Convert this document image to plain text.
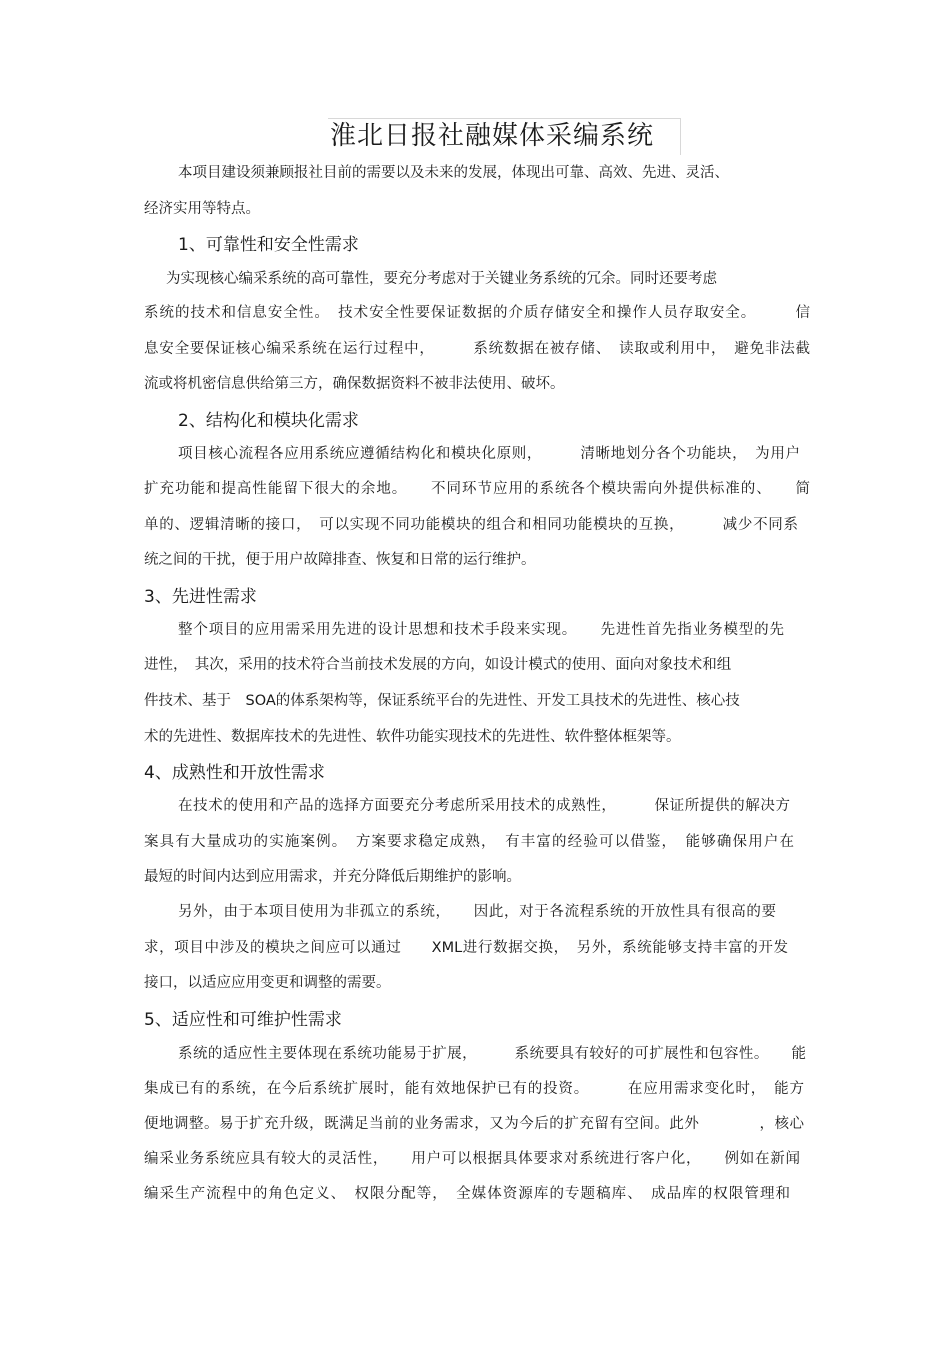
淮北日报社融媒体采编系统

本项目建设须兼顾报社目前的需要以及未来的发展，体现出可靠、高效、先进、灵活、

经济实用等特点。

1、可靠性和安全性需求

为实现核心编采系统的高可靠性，要充分考虑对于关键业务系统的冗余。同时还要考虑

系统的技术和信息安全性。　技术安全性要保证数据的介质存储安全和操作人员存取安全。　　　信

息安全要保证核心编采系统在运行过程中，　　　系统数据在被存储、　读取或利用中，　避免非法截

流或将机密信息供给第三方，确保数据资料不被非法使用、破坏。

2、结构化和模块化需求

项目核心流程各应用系统应遵循结构化和模块化原则，　　　清晰地划分各个功能块，　为用户

扩充功能和提高性能留下很大的余地。　　不同环节应用的系统各个模块需向外提供标准的、　　简

单的、逻辑清晰的接口，　可以实现不同功能模块的组合和相同功能模块的互换，　　　减少不同系

统之间的干扰，便于用户故障排查、恢复和日常的运行维护。

3、先进性需求

整个项目的应用需采用先进的设计思想和技术手段来实现。　　先进性首先指业务模型的先

进性，　其次，采用的技术符合当前技术发展的方向，如设计模式的使用、面向对象技术和组

件技术、基于　SOA的体系架构等，保证系统平台的先进性、开发工具技术的先进性、核心技

术的先进性、数据库技术的先进性、软件功能实现技术的先进性、软件整体框架等。

4、成熟性和开放性需求

在技术的使用和产品的选择方面要充分考虑所采用技术的成熟性，　　　保证所提供的解决方

案具有大量成功的实施案例。　方案要求稳定成熟，　有丰富的经验可以借鉴，　能够确保用户在

最短的时间内达到应用需求，并充分降低后期维护的影响。

另外，由于本项目使用为非孤立的系统，　　因此，对于各流程系统的开放性具有很高的要

求，项目中涉及的模块之间应可以通过　　XML进行数据交换，　另外，系统能够支持丰富的开发

接口，以适应应用变更和调整的需要。

5、适应性和可维护性需求

系统的适应性主要体现在系统功能易于扩展，　　　系统要具有较好的可扩展性和包容性。　　能

集成已有的系统，在今后系统扩展时，能有效地保护已有的投资。　　　在应用需求变化时，　能方

便地调整。易于扩充升级，既满足当前的业务需求，又为今后的扩充留有空间。此外　　　　，核心

编采业务系统应具有较大的灵活性，　　用户可以根据具体要求对系统进行客户化，　　例如在新闻

编采生产流程中的角色定义、　权限分配等，　全媒体资源库的专题稿库、　成品库的权限管理和
